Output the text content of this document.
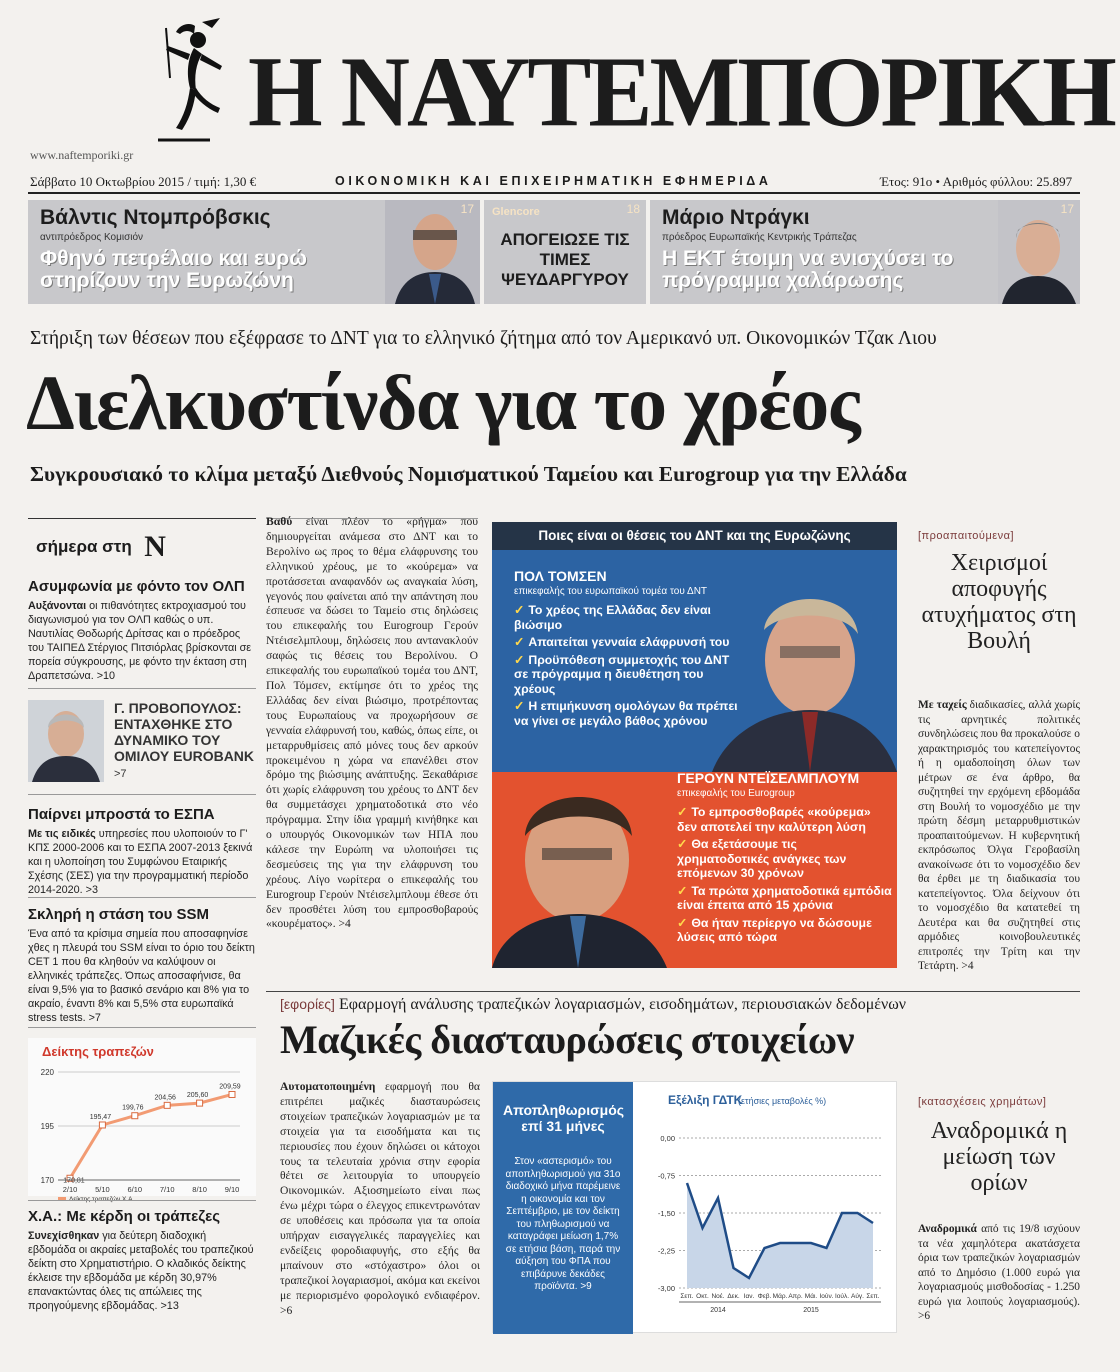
Η ΝΑΥΤΕΜΠΟΡΙΚΗ
www.naftemporiki.gr
Σάββατο 10 Οκτωβρίου 2015 / τιμή: 1,30 €	ΟΙΚΟΝΟΜΙΚΗ ΚΑΙ ΕΠΙΧΕΙΡΗΜΑΤΙΚΗ ΕΦΗΜΕΡΙΔΑ	Έτος: 91ο • Αριθμός φύλλου: 25.897
Βάλντις Ντομπρόβσκις
αντιπρόεδρος Κομισιόν
Φθηνό πετρέλαιο και ευρώ στηρίζουν την Ευρωζώνη
17 Glencore	18
ΑΠΟΓΕΙΩΣΕ ΤΙΣ ΤΙΜΕΣ ΨΕΥΔΑΡΓΥΡΟΥ
Μάριο Ντράγκι
πρόεδρος Ευρωπαϊκής Κεντρικής Τράπεζας
Η ΕΚΤ έτοιμη να ενισχύσει το πρόγραμμα χαλάρωσης
17
Στήριξη των θέσεων που εξέφρασε το ΔΝΤ για το ελληνικό ζήτημα από τον Αμερικανό υπ. Οικονομικών Τζακ Λιου
Διελκυστίνδα για το χρέος
Συγκρουσιακό το κλίμα μεταξύ Διεθνούς Νομισματικού Ταμείου και Eurogroup για την Ελλάδα
σήμερα στη Ν
Ασυμφωνία με φόντο τον ΟΛΠ
Αυξάνονται οι πιθανότητες εκτροχιασμού του διαγωνισμού για τον ΟΛΠ καθώς ο υπ. Ναυτιλίας Θοδωρής Δρίτσας και ο πρόεδρος του ΤΑΙΠΕΔ Στέργιος Πιτσιόρλας βρίσκονται σε πορεία σύγκρουσης, με φόντο την έκταση στη Δραπετσώνα. >10
Γ. ΠΡΟΒΟΠΟΥΛΟΣ:
ΕΝΤΑΧΘΗΚΕ ΣΤΟ ΔΥΝΑΜΙΚΟ ΤΟΥ ΟΜΙΛΟΥ EUROBANK
>7
Παίρνει μπροστά το ΕΣΠΑ
Με τις ειδικές υπηρεσίες που υλοποιούν το Γ' ΚΠΣ 2000-2006 και το ΕΣΠΑ 2007-2013 ξεκινά και η υλοποίηση του Συμφώνου Εταιρικής Σχέσης (ΣΕΣ) για την προγραμματική περίοδο 2014-2020. >3
Σκληρή η στάση του SSM
Ένα από τα κρίσιμα σημεία που αποσαφηνίσε χθες η πλευρά του SSM είναι το όριο του δείκτη CET 1 που θα κληθούν να καλύψουν οι ελληνικές τράπεζες. Όπως αποσαφήνισε, θα είναι 9,5% για το βασικό σενάριο και 8% για το ακραίο, έναντι 8% και 5,5% στα ευρωπαϊκά stress tests. >7
Δείκτης τραπεζών
170
195
220
170,81
2/10
195,47
5/10
199,76
6/10
204,56
7/10
205,60
8/10
209,59
9/10
Χ.Α.: Με κέρδη οι τράπεζες
Συνεχίσθηκαν για δεύτερη διαδοχική εβδομάδα οι ακραίες μεταβολές του τραπεζικού δείκτη στο Χρηματιστήριο. Ο κλαδικός δείκτης έκλεισε την εβδομάδα με κέρδη 30,97% επανακτώντας όλες τις απώλειες της προηγούμενης εβδομάδας. >13
Βαθύ είναι πλέον το «ρήγμα» που δημιουργείται ανάμεσα στο ΔΝΤ και το Βερολίνο ως προς το θέμα ελάφρυνσης του ελληνικού χρέους, με το «κούρεμα» να προτάσσεται αναφανδόν ως αναγκαία λύση, γεγονός που φαίνεται από την απάντηση που έσπευσε να δώσει το Ταμείο στις δηλώσεις του επικεφαλής του Eurogroup Γερούν Ντέισελμπλουμ, δηλώσεις που αντανακλούν σαφώς τις θέσεις του Βερολίνου. Ο επικεφαλής του ευρωπαϊκού τομέα του ΔΝΤ, Πολ Τόμσεν, εκτίμησε ότι το χρέος της Ελλάδας δεν είναι βιώσιμο, προτρέποντας τους Ευρωπαίους να προχωρήσουν σε γενναία ελάφρυνσή του, καθώς, όπως είπε, οι μεταρρυθμίσεις από μόνες τους δεν αρκούν προκειμένου η χώρα να επανέλθει στον δρόμο της βιώσιμης ανάπτυξης. Ξεκαθάρισε ότι χωρίς ελάφρυνση του χρέους το ΔΝΤ δεν θα συμμετάσχει χρηματοδοτικά στο νέο πρόγραμμα. Στην ίδια γραμμή κινήθηκε και ο υπουργός Οικονομικών των ΗΠΑ που κάλεσε την Ευρώπη να υλοποιήσει τις δεσμεύσεις της για την ελάφρυνση του χρέους. Λίγο νωρίτερα ο επικεφαλής του Eurogroup Γερούν Ντέισελμπλουμ έθεσε ότι δεν προσθέτει λύση του εμπροσθοβαρούς «κουρέματος». >4
Ποιες είναι οι θέσεις του ΔΝΤ και της Ευρωζώνης
ΠΟΛ ΤΟΜΣΕΝ
επικεφαλής του ευρωπαϊκού τομέα του ΔΝΤ
✓ Το χρέος της Ελλάδας δεν είναι βιώσιμο
✓ Απαιτείται γενναία ελάφρυνσή του
✓ Προϋπόθεση συμμετοχής του ΔΝΤ σε πρόγραμμα η διευθέτηση του χρέους
✓ Η επιμήκυνση ομολόγων θα πρέπει να γίνει σε μεγάλο βάθος χρόνου
ΓΕΡΟΥΝ ΝΤΕΪΣΕΛΜΠΛΟΥΜ
επικεφαλής του Eurogroup
✓ Το εμπροσθοβαρές «κούρεμα» δεν αποτελεί την καλύτερη λύση
✓ Θα εξετάσουμε τις χρηματοδοτικές ανάγκες των επόμενων 30 χρόνων
✓ Τα πρώτα χρηματοδοτικά εμπόδια είναι έπειτα από 15 χρόνια
✓ Θα ήταν περίεργο να δώσουμε λύσεις από τώρα
[προαπαιτούμενα]
Χειρισμοί αποφυγής ατυχήματος στη Βουλή
Με ταχείς διαδικασίες, αλλά χωρίς τις αρνητικές πολιτικές συνδηλώσεις που θα προκαλούσε ο χαρακτηρισμός του κατεπείγοντος ή η ομαδοποίηση όλων των μέτρων σε ένα άρθρο, θα συζητηθεί την ερχόμενη εβδομάδα στη Βουλή το νομοσχέδιο με την πρώτη δέσμη μεταρρυθμιστικών προαπαιτούμενων. Η κυβερνητική εκπρόσωπος Όλγα Γεροβασίλη ανακοίνωσε ότι το νομοσχέδιο δεν θα έρθει με τη διαδικασία του κατεπείγοντος. Όλα δείχνουν ότι το νομοσχέδιο θα κατατεθεί τη Δευτέρα και θα συζητηθεί στις αρμόδιες κοινοβουλευτικές επιτροπές την Τρίτη και την Τετάρτη. >4
[εφορίες] Εφαρμογή ανάλυσης τραπεζικών λογαριασμών, εισοδημάτων, περιουσιακών δεδομένων
Μαζικές διασταυρώσεις στοιχείων
Αυτοματοποιημένη εφαρμογή που θα επιτρέπει μαζικές διασταυρώσεις στοιχείων τραπεζικών λογαριασμών με τα στοιχεία για τα εισοδήματα και τις περιουσίες που έχουν δηλώσει οι κάτοχοι τους τα τελευταία χρόνια στην εφορία θέτει σε λειτουργία το υπουργείο Οικονομικών. Αξιοσημείωτο είναι πως ένω μέχρι τώρα ο έλεγχος επικεντρωνόταν σε υποθέσεις και πρόσωπα για τα οποία υπήρχαν εισαγγελικές παραγγελίες και ενδείξεις φοροδιαφυγής, στο εξής θα μπαίνουν στο «στόχαστρο» όλοι οι τραπεζικοί λογαριασμοί, ακόμα και εκείνοι με περιορισμένο φορολογικό ενδιαφέρον. >6
Αποπληθωρισμός επί 31 μήνες
Στον «αστερισμό» του αποπληθωρισμού για 31ο διαδοχικό μήνα παρέμεινε η οικονομία και τον Σεπτέμβριο, με τον δείκτη του πληθωρισμού να καταγράφει μείωση 1,7% σε ετήσια βάση, παρά την αύξηση του ΦΠΑ που επιβάρυνε δεκάδες προϊόντα. >9
Εξέλιξη ΓΔΤΚ
(ετήσιες μεταβολές %)
0,00
-0,75
-1,50
-2,25
-3,00
Σεπ. Οκτ. Νοέ. Δεκ. Ιαν. Φεβ. Μάρ. Απρ. Μάι. Ιούν. Ιούλ. Αύγ. Σεπ.
2014	2015
[κατασχέσεις χρημάτων]
Αναδρομικά η μείωση των ορίων
Αναδρομικά από τις 19/8 ισχύουν τα νέα χαμηλότερα ακατάσχετα όρια των τραπεζικών λογαριασμών από το Δημόσιο (1.000 ευρώ για λογαριασμούς μισθοδοσίας - 1.250 ευρώ για λοιπούς λογαριασμούς). >6
